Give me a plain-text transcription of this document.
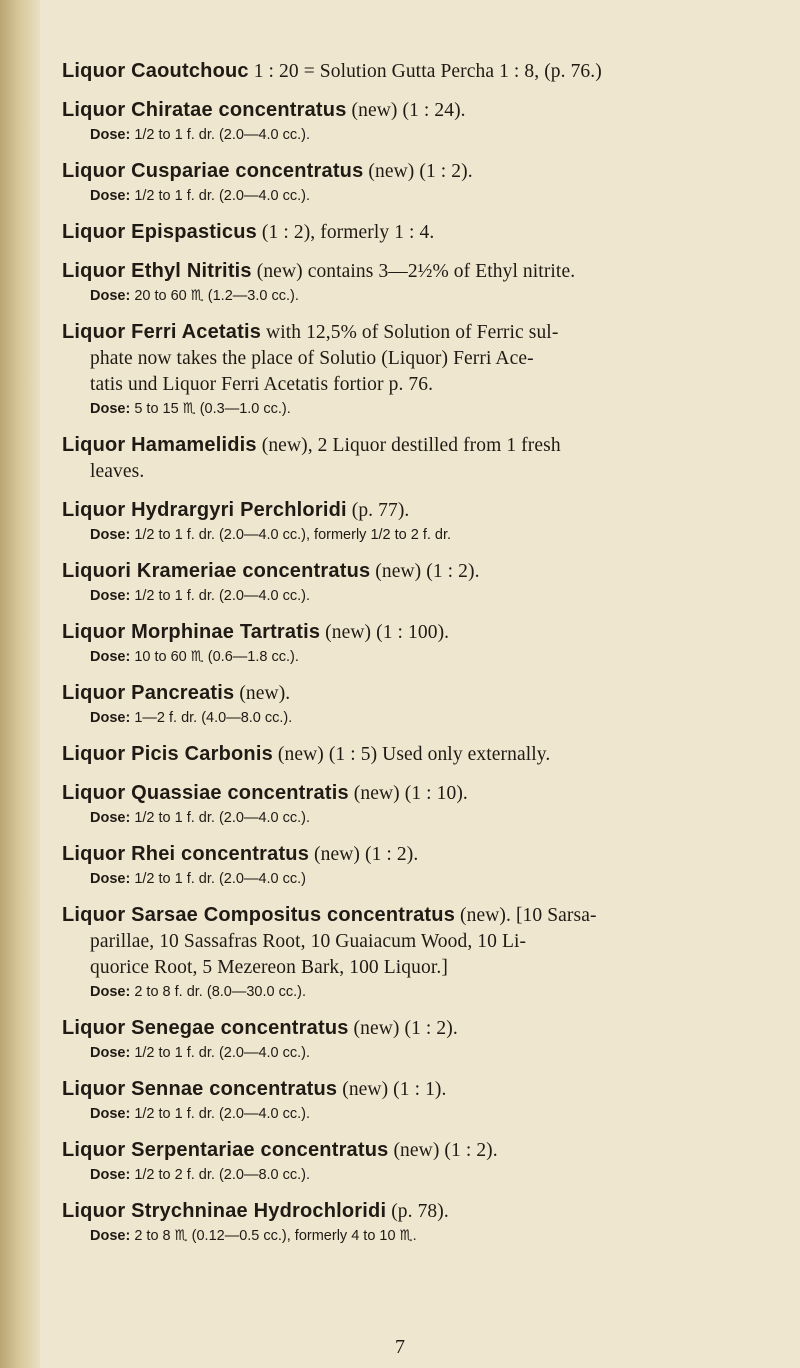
Liquor Caoutchouc 1 : 20 = Solution Gutta Percha 1 : 8, (p. 76.)

Liquor Chiratae concentratus (new) (1 : 24).

Dose: 1/2 to 1 f. dr. (2.0—4.0 cc.).

Liquor Cuspariae concentratus (new) (1 : 2).

Dose: 1/2 to 1 f. dr. (2.0—4.0 cc.).

Liquor Epispasticus (1 : 2), formerly 1 : 4.

Liquor Ethyl Nitritis (new) contains 3—2½% of Ethyl nitrite.

Dose: 20 to 60 ♏ (1.2—3.0 cc.).

Liquor Ferri Acetatis with 12,5% of Solution of Ferric sul-

phate now takes the place of Solutio (Liquor) Ferri Ace-

tatis und Liquor Ferri Acetatis fortior p. 76.

Dose: 5 to 15 ♏ (0.3—1.0 cc.).

Liquor Hamamelidis (new), 2 Liquor destilled from 1 fresh

leaves.

Liquor Hydrargyri Perchloridi (p. 77).

Dose: 1/2 to 1 f. dr. (2.0—4.0 cc.), formerly 1/2 to 2 f. dr.

Liquori Krameriae concentratus (new) (1 : 2).

Dose: 1/2 to 1 f. dr. (2.0—4.0 cc.).

Liquor Morphinae Tartratis (new) (1 : 100).

Dose: 10 to 60 ♏ (0.6—1.8 cc.).

Liquor Pancreatis (new).

Dose: 1—2 f. dr. (4.0—8.0 cc.).

Liquor Picis Carbonis (new) (1 : 5) Used only externally.

Liquor Quassiae concentratis (new) (1 : 10).

Dose: 1/2 to 1 f. dr. (2.0—4.0 cc.).

Liquor Rhei concentratus (new) (1 : 2).

Dose: 1/2 to 1 f. dr. (2.0—4.0 cc.)

Liquor Sarsae Compositus concentratus (new). [10 Sarsa-

parillae, 10 Sassafras Root, 10 Guaiacum Wood, 10 Li-

quorice Root, 5 Mezereon Bark, 100 Liquor.]

Dose: 2 to 8 f. dr. (8.0—30.0 cc.).

Liquor Senegae concentratus (new) (1 : 2).

Dose: 1/2 to 1 f. dr. (2.0—4.0 cc.).

Liquor Sennae concentratus (new) (1 : 1).

Dose: 1/2 to 1 f. dr. (2.0—4.0 cc.).

Liquor Serpentariae concentratus (new) (1 : 2).

Dose: 1/2 to 2 f. dr. (2.0—8.0 cc.).

Liquor Strychninae Hydrochloridi (p. 78).

Dose: 2 to 8 ♏ (0.12—0.5 cc.), formerly 4 to 10 ♏.

7
